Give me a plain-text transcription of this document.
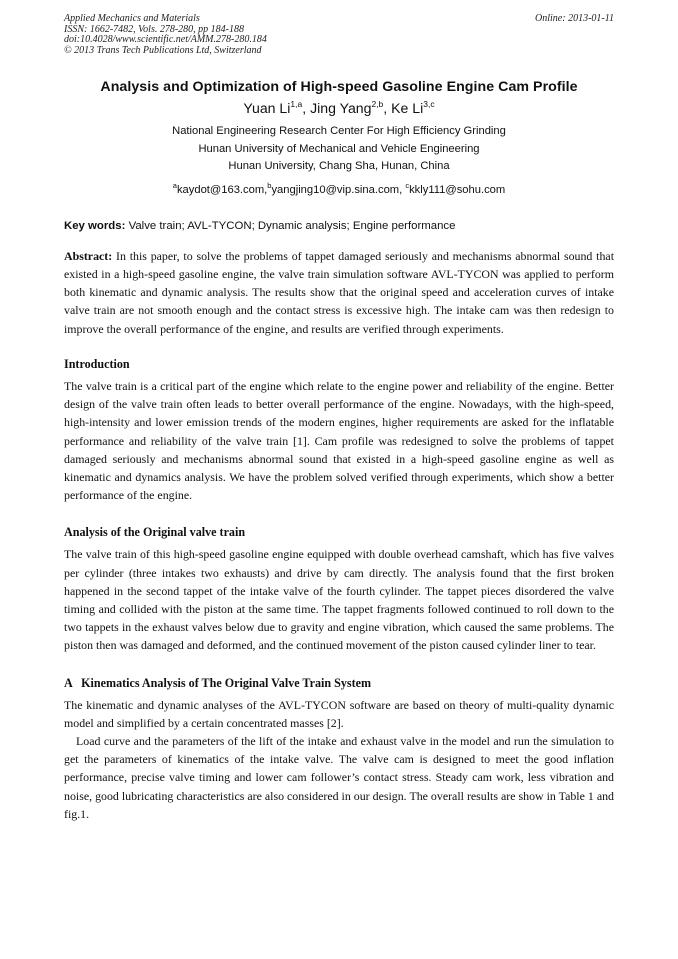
Applied Mechanics and Materials
ISSN: 1662-7482, Vols. 278-280, pp 184-188
doi:10.4028/www.scientific.net/AMM.278-280.184
© 2013 Trans Tech Publications Ltd, Switzerland
Online: 2013-01-11
Analysis and Optimization of High-speed Gasoline Engine Cam Profile
Yuan Li$^{1,a}$, Jing Yang$^{2,b}$, Ke Li$^{3,c}$
National Engineering Research Center For High Efficiency Grinding
Hunan University of Mechanical and Vehicle Engineering
Hunan University, Chang Sha, Hunan, China
$^a$kaydot@163.com,$^b$yangjing10@vip.sina.com, $^c$kkly111@sohu.com
Key words: Valve train; AVL-TYCON; Dynamic analysis; Engine performance

Abstract: In this paper, to solve the problems of tappet damaged seriously and mechanisms abnormal sound that existed in a high-speed gasoline engine, the valve train simulation software AVL-TYCON was applied to perform both kinematic and dynamic analysis. The results show that the original speed and acceleration curves of intake valve train are not smooth enough and the contact stress is excessive high. The intake cam was then redesign to improve the overall performance of the engine, and results are verified through experiments.

Introduction

The valve train is a critical part of the engine which relate to the engine power and reliability of the engine. Better design of the valve train often leads to better overall performance of the engine. Nowadays, with the high-speed, high-intensity and lower emission trends of the modern engines, higher requirements are asked for the inflatable performance and reliability of the valve train [1]. Cam profile was redesigned to solve the problems of tappet damaged seriously and mechanisms abnormal sound that existed in a high-speed gasoline engine as well as kinematic and dynamics analysis. We have the problem solved verified through experiments, which show a better performance of the engine.

Analysis of the Original valve train

The valve train of this high-speed gasoline engine equipped with double overhead camshaft, which has five valves per cylinder (three intakes two exhausts) and drive by cam directly. The analysis found that the first broken happened in the second tappet of the intake valve of the fourth cylinder. The tappet pieces disordered the valve timing and collided with the piston at the same time. The tappet fragments followed continued to roll down to the two tappets in the exhaust valves below due to gravity and engine vibration, which caused the same problems. The piston then was damaged and deformed, and the continued movement of the piston caused cylinder liner to tear.

A   Kinematics Analysis of The Original Valve Train System

The kinematic and dynamic analyses of the AVL-TYCON software are based on theory of multi-quality dynamic model and simplified by a certain concentrated masses [2].

Load curve and the parameters of the lift of the intake and exhaust valve in the model and run the simulation to get the parameters of kinematics of the intake valve. The valve cam is designed to meet the good inflation performance, precise valve timing and lower cam follower’s contact stress. Steady cam work, less vibration and noise, good lubricating characteristics are also considered in our design. The overall results are show in Table 1 and fig.1.
